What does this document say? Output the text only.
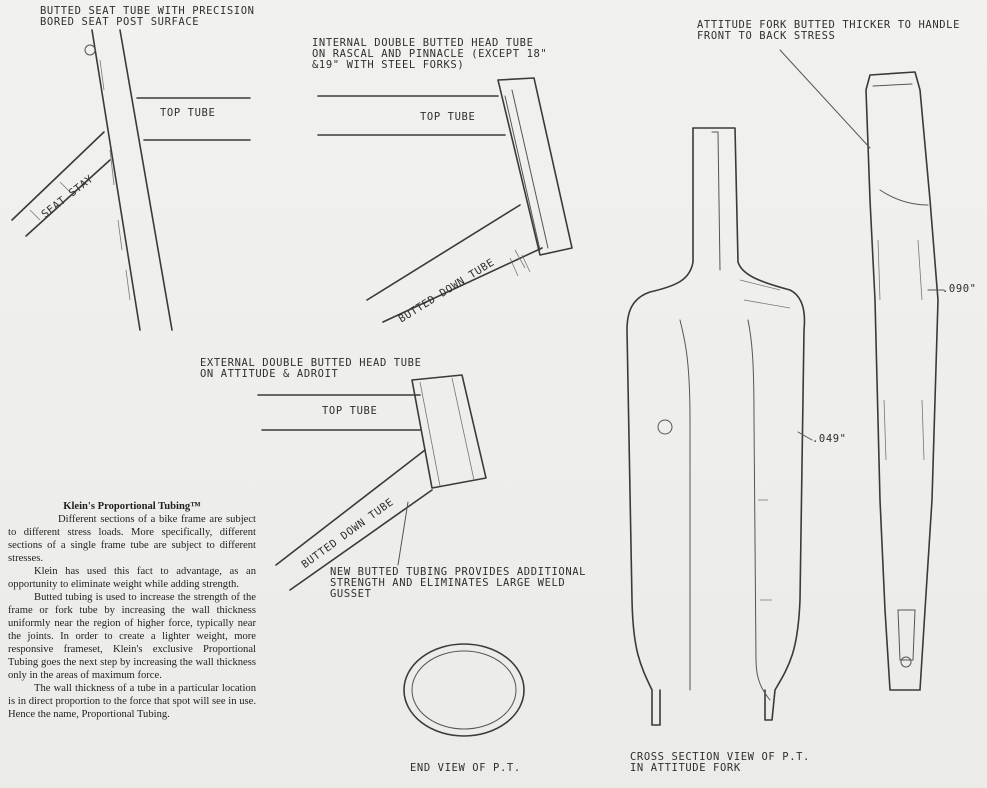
BUTTED SEAT TUBE WITH PRECISION
BORED SEAT POST SURFACE
INTERNAL DOUBLE BUTTED HEAD TUBE
ON RASCAL AND PINNACLE (EXCEPT 18"
&19" WITH STEEL FORKS)
ATTITUDE FORK BUTTED THICKER TO HANDLE
FRONT TO BACK STRESS
TOP TUBE
SEAT STAY
TOP TUBE
BUTTED DOWN TUBE
EXTERNAL DOUBLE BUTTED HEAD TUBE
ON ATTITUDE & ADROIT
TOP TUBE
BUTTED DOWN TUBE
NEW BUTTED TUBING PROVIDES ADDITIONAL
STRENGTH AND ELIMINATES LARGE WELD
GUSSET
END VIEW OF P.T.
CROSS SECTION VIEW OF P.T.
IN ATTITUDE FORK
.090"
.049"
Klein's Proportional Tubing™

Different sections of a bike frame are subject to different stress loads. More specifically, different sections of a single frame tube are subject to different stresses.

Klein has used this fact to advantage, as an opportunity to eliminate weight while adding strength.

Butted tubing is used to increase the strength of the frame or fork tube by increasing the wall thickness uniformly near the region of higher force, typically near the joints. In order to create a lighter weight, more responsive frameset, Klein's exclusive Proportional Tubing goes the next step by increasing the wall thickness only in the areas of maximum force.

The wall thickness of a tube in a particular location is in direct proportion to the force that spot will see in use. Hence the name, Proportional Tubing.
